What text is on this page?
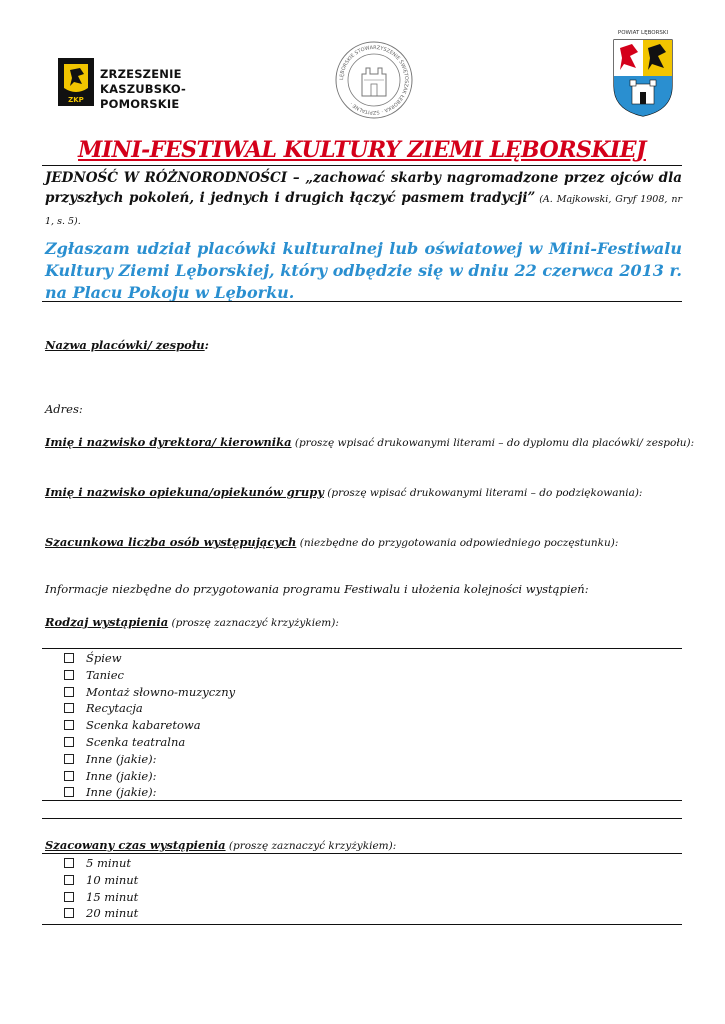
ZKP
ZRZESZENIE
KASZUBSKO-POMORSKIE
LĘBORSKIE STOWARZYSZENIE ŚWIĘTOSZAK ŁEBORKA · SZPITALNE ·
POWIAT LĘBORSKI
MINI-FESTIWAL KULTURY ZIEMI LĘBORSKIEJ
JEDNOŚĆ W RÓŻNORODNOŚCI – „zachować skarby nagromadzone przez ojców dla przyszłych pokoleń, i jednych i drugich łączyć pasmem tradycji” (A. Majkowski, Gryf 1908, nr 1, s. 5).
Zgłaszam udział placówki kulturalnej lub oświatowej w Mini-Festiwalu Kultury Ziemi Lęborskiej, który odbędzie się w dniu 22 czerwca 2013 r. na Placu Pokoju w Lęborku.
Nazwa placówki/ zespołu:
Adres:
Imię i nazwisko dyrektora/ kierownika (proszę wpisać drukowanymi literami – do dyplomu dla placówki/ zespołu):
Imię i nazwisko opiekuna/opiekunów grupy (proszę wpisać drukowanymi literami – do podziękowania):
Szacunkowa liczba osób występujących (niezbędne do przygotowania odpowiedniego poczęstunku):
Informacje niezbędne do przygotowania programu Festiwalu i ułożenia kolejności wystąpień:
Rodzaj wystąpienia (proszę zaznaczyć krzyżykiem):
Śpiew
Taniec
Montaż słowno-muzyczny
Recytacja
Scenka kabaretowa
Scenka teatralna
Inne (jakie):
Inne (jakie):
Inne (jakie):
Szacowany czas wystąpienia (proszę zaznaczyć krzyżykiem):
5 minut
10 minut
15 minut
20 minut
